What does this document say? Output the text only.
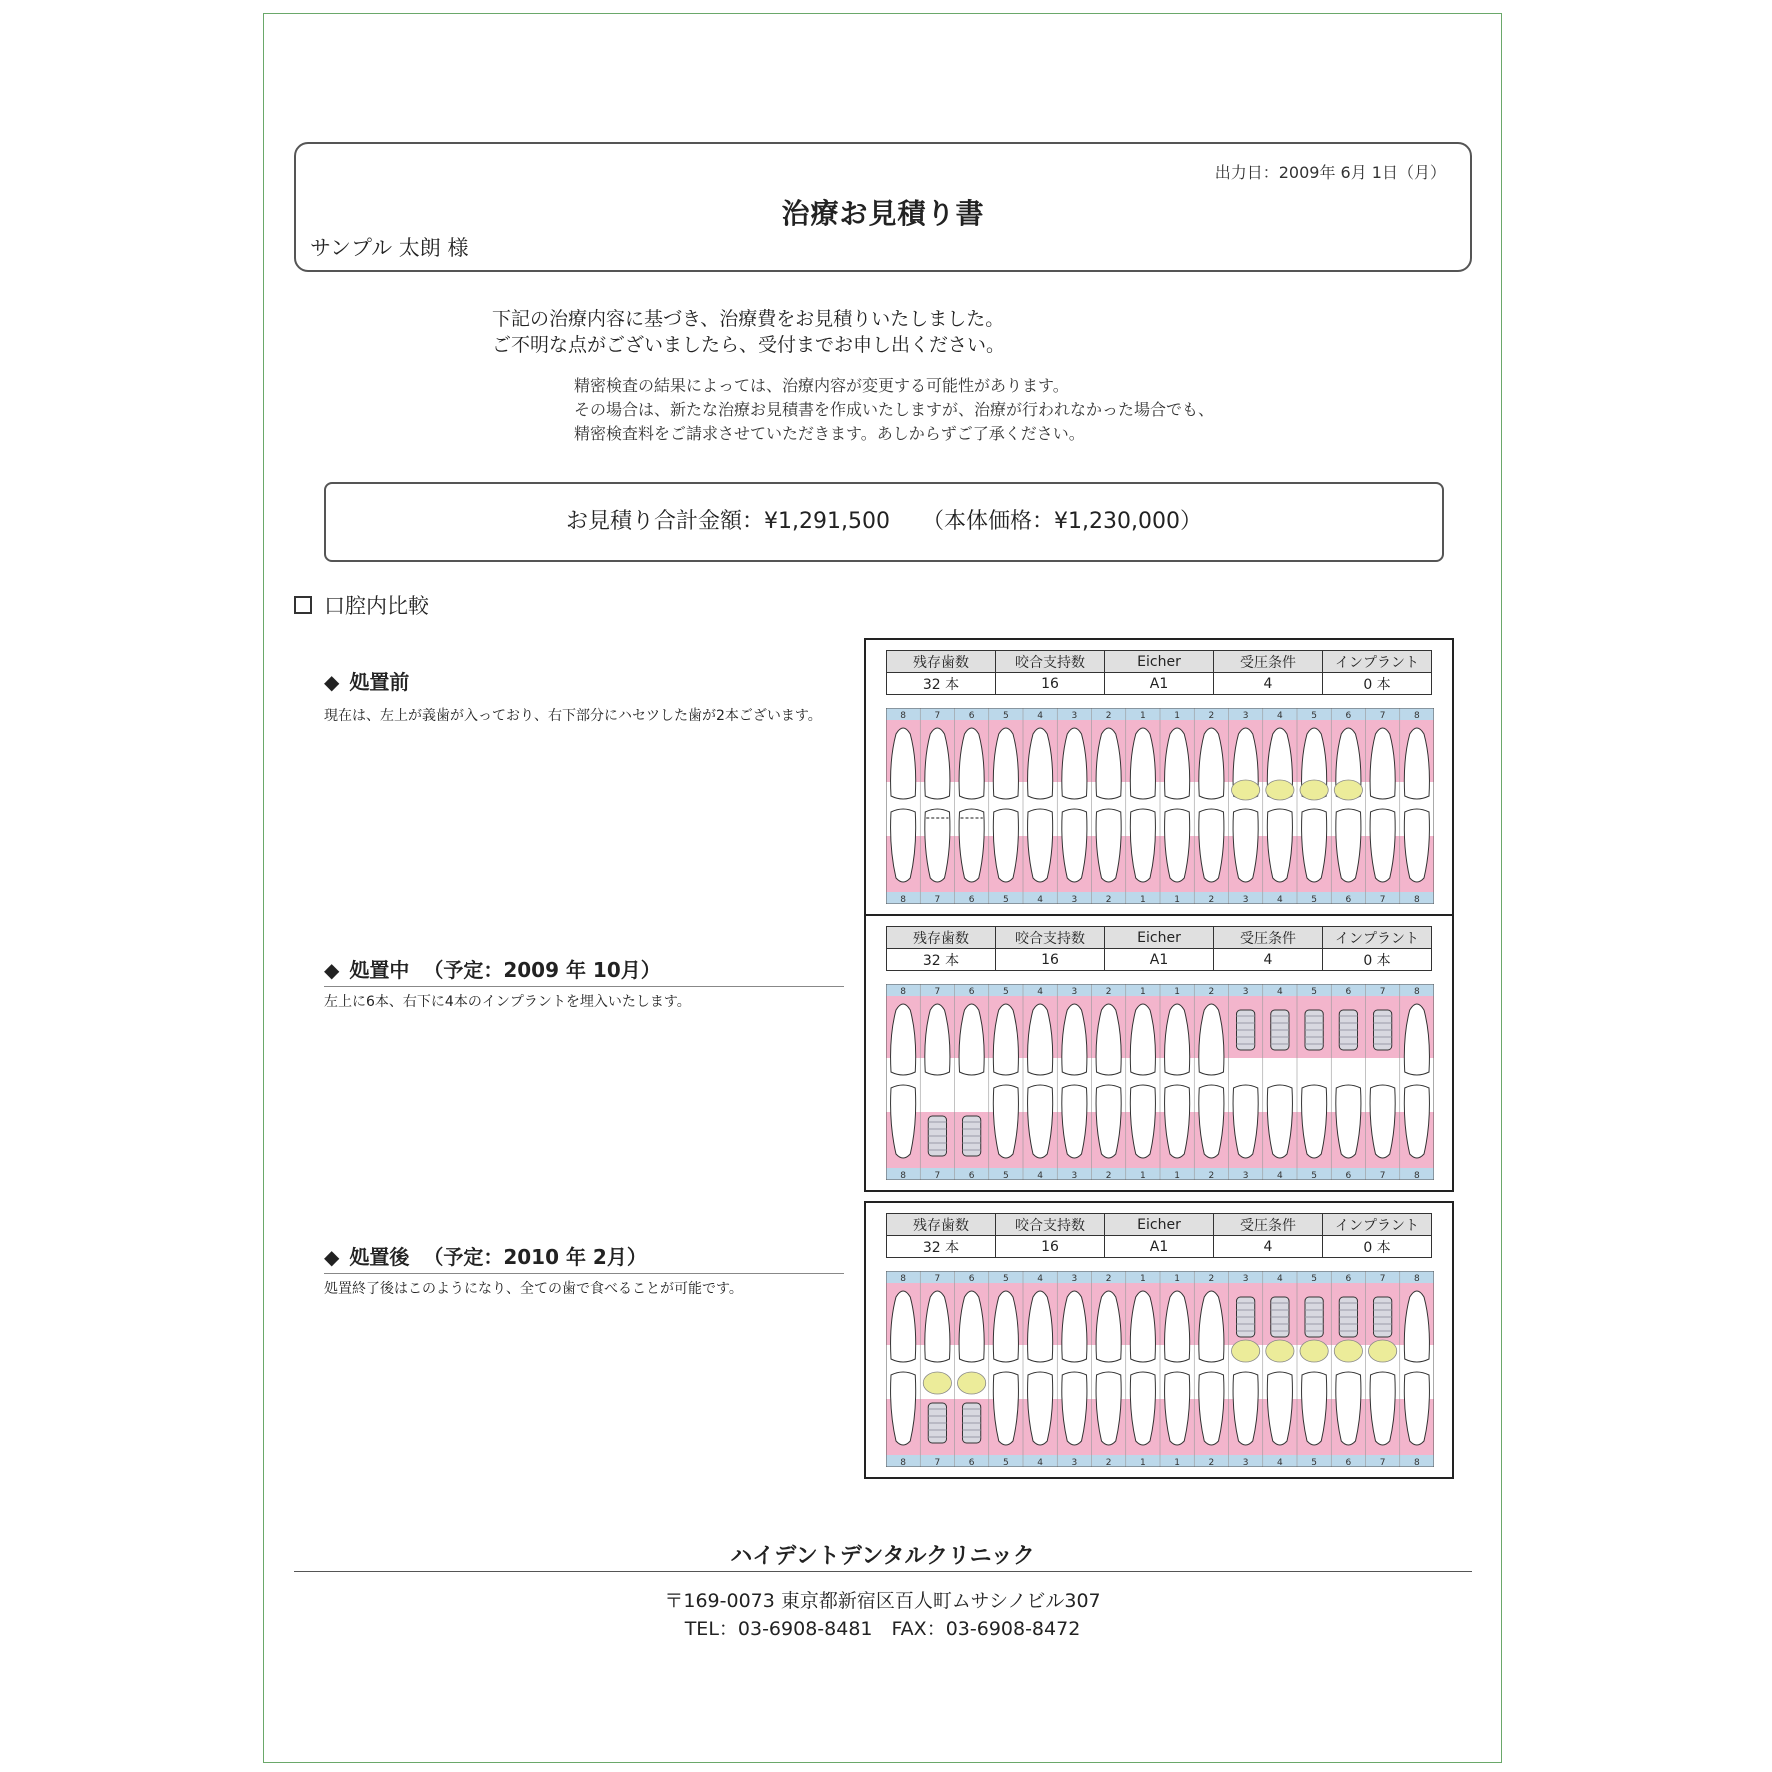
出力日：2009年 6月 1日（月）
治療お見積り書
サンプル 太朗 様
下記の治療内容に基づき、治療費をお見積りいたしました。
ご不明な点がございましたら、受付までお申し出ください。
精密検査の結果によっては、治療内容が変更する可能性があります。
その場合は、新たな治療お見積書を作成いたしますが、治療が行われなかった場合でも、
精密検査料をご請求させていただきます。あしからずご了承ください。
お見積り合計金額：¥1,291,500 （本体価格：¥1,230,000）
口腔内比較
◆ 処置前
現在は、左上が義歯が入っており、右下部分にハセツした歯が2本ございます。
残存歯数	咬合支持数	Eicher	受圧条件	インプラント
32 本	16	A1	4	0 本
8
8
7
7
6
6
5
5
4
4
3
3
2
2
1
1
1
1
2
2
3
3
4
4
5
5
6
6
7
7
8
8
◆ 処置中 （予定：2009 年 10月）
左上に6本、右下に4本のインプラントを埋入いたします。
残存歯数	咬合支持数	Eicher	受圧条件	インプラント
32 本	16	A1	4	0 本
8
8
7
7
6
6
5
5
4
4
3
3
2
2
1
1
1
1
2
2
3
3
4
4
5
5
6
6
7
7
8
8
◆ 処置後 （予定：2010 年 2月）
処置終了後はこのようになり、全ての歯で食べることが可能です。
残存歯数	咬合支持数	Eicher	受圧条件	インプラント
32 本	16	A1	4	0 本
8
8
7
7
6
6
5
5
4
4
3
3
2
2
1
1
1
1
2
2
3
3
4
4
5
5
6
6
7
7
8
8
ハイデントデンタルクリニック
〒169-0073 東京都新宿区百人町ムサシノビル307
TEL：03-6908-8481　FAX：03-6908-8472
